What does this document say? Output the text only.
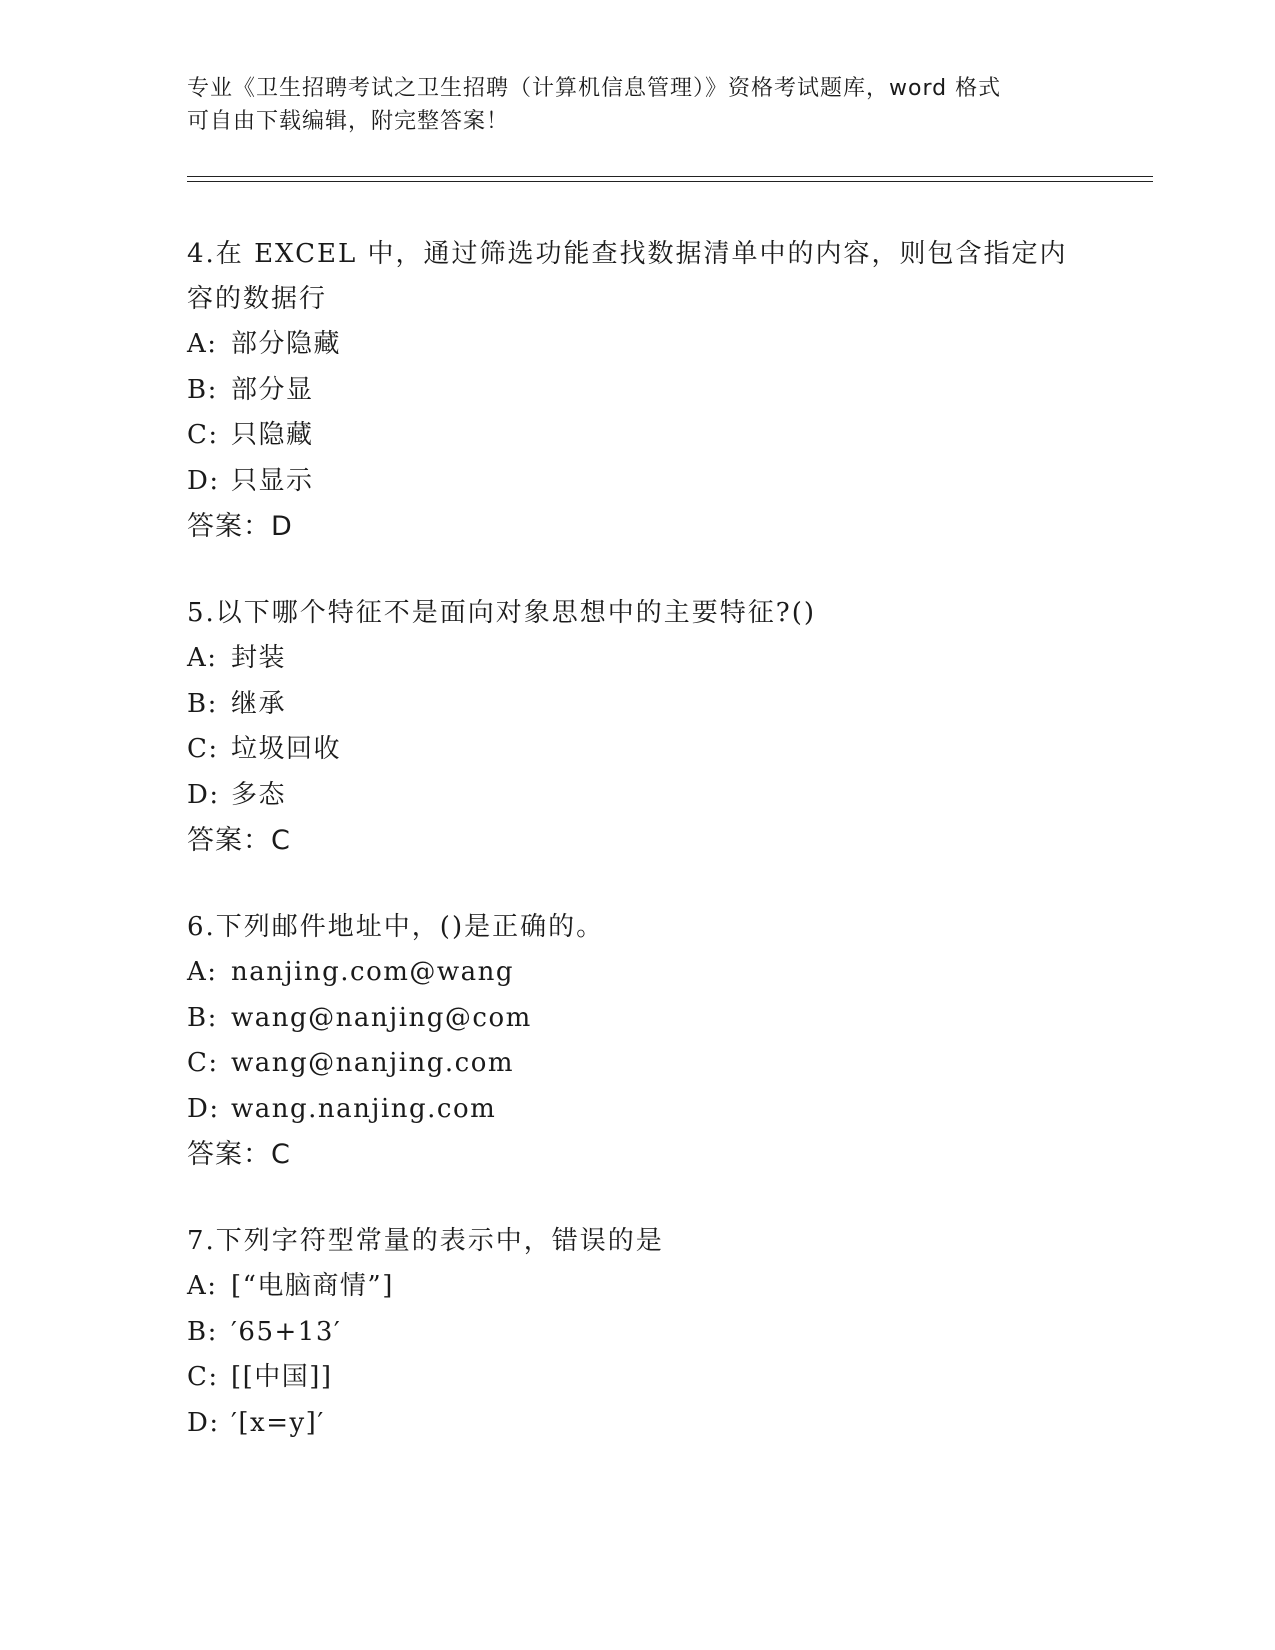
专业《卫生招聘考试之卫生招聘（计算机信息管理）》资格考试题库，word 格式
可自由下载编辑，附完整答案！
4.在 EXCEL 中，通过筛选功能查找数据清单中的内容，则包含指定内
容的数据行
A: 部分隐藏
B: 部分显
C: 只隐藏
D: 只显示
答案：D
5.以下哪个特征不是面向对象思想中的主要特征?()
A: 封装
B: 继承
C: 垃圾回收
D: 多态
答案：C
6.下列邮件地址中，()是正确的。
A: nanjing.com@wang
B: wang@nanjing@com
C: wang@nanjing.com
D: wang.nanjing.com
答案：C
7.下列字符型常量的表示中，错误的是
A: [“电脑商情”]
B: ′65+13′
C: [[中国]]
D: ′[x=y]′
